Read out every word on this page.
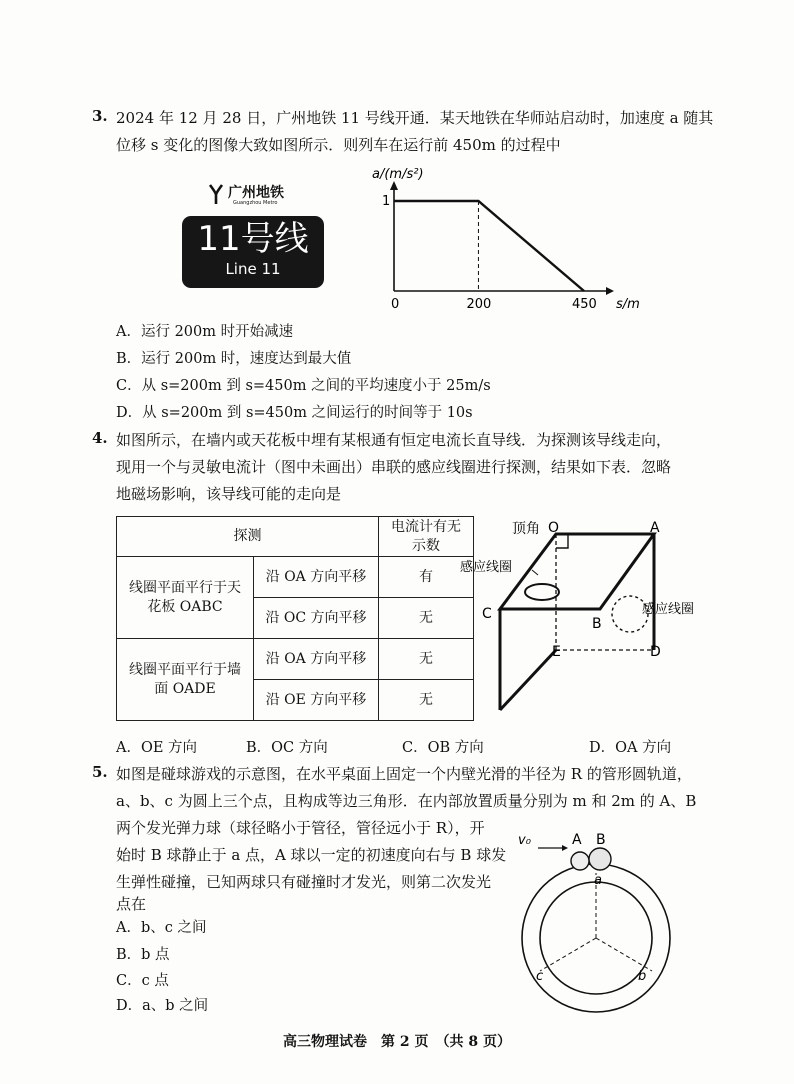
3. 2024 年 12 月 28 日，广州地铁 11 号线开通．某天地铁在华师站启动时，加速度 a 随其
位移 s 变化的图像大致如图所示．则列车在运行前 450m 的过程中
广州地铁
Guangzhou Metro
11号线
Line 11
a/(m/s²)
s/m
0	200	450
1
A．运行 200m 时开始减速
B．运行 200m 时，速度达到最大值
C．从 s=200m 到 s=450m 之间的平均速度小于 25m/s
D．从 s=200m 到 s=450m 之间运行的时间等于 10s
4. 如图所示，在墙内或天花板中埋有某根通有恒定电流长直导线．为探测该导线走向，
现用一个与灵敏电流计（图中未画出）串联的感应线圈进行探测，结果如下表．忽略
地磁场影响，该导线可能的走向是
探测		电流计有无示数
线圈平面平行于天花板 OABC	沿 OA 方向平移	有
	沿 OC 方向平移	无
线圈平面平行于墙面 OADE	沿 OA 方向平移	无
	沿 OE 方向平移	无
顶角 O	A
B
C
D
E
感应线圈
感应线圈
A．OE 方向	B．OC 方向	C．OB 方向	D．OA 方向
5. 如图是碰球游戏的示意图，在水平桌面上固定一个内壁光滑的半径为 R 的管形圆轨道，
a、b、c 为圆上三个点，且构成等边三角形．在内部放置质量分别为 m 和 2m 的 A、B
两个发光弹力球（球径略小于管径，管径远小于 R），开
始时 B 球静止于 a 点，A 球以一定的初速度向右与 B 球发
生弹性碰撞，已知两球只有碰撞时才发光，则第二次发光
点在
A．b、c 之间
B．b 点
C．c 点
D．a、b 之间
v₀	A B
a
b
c
高三物理试卷　第 2 页　（共 8 页）
